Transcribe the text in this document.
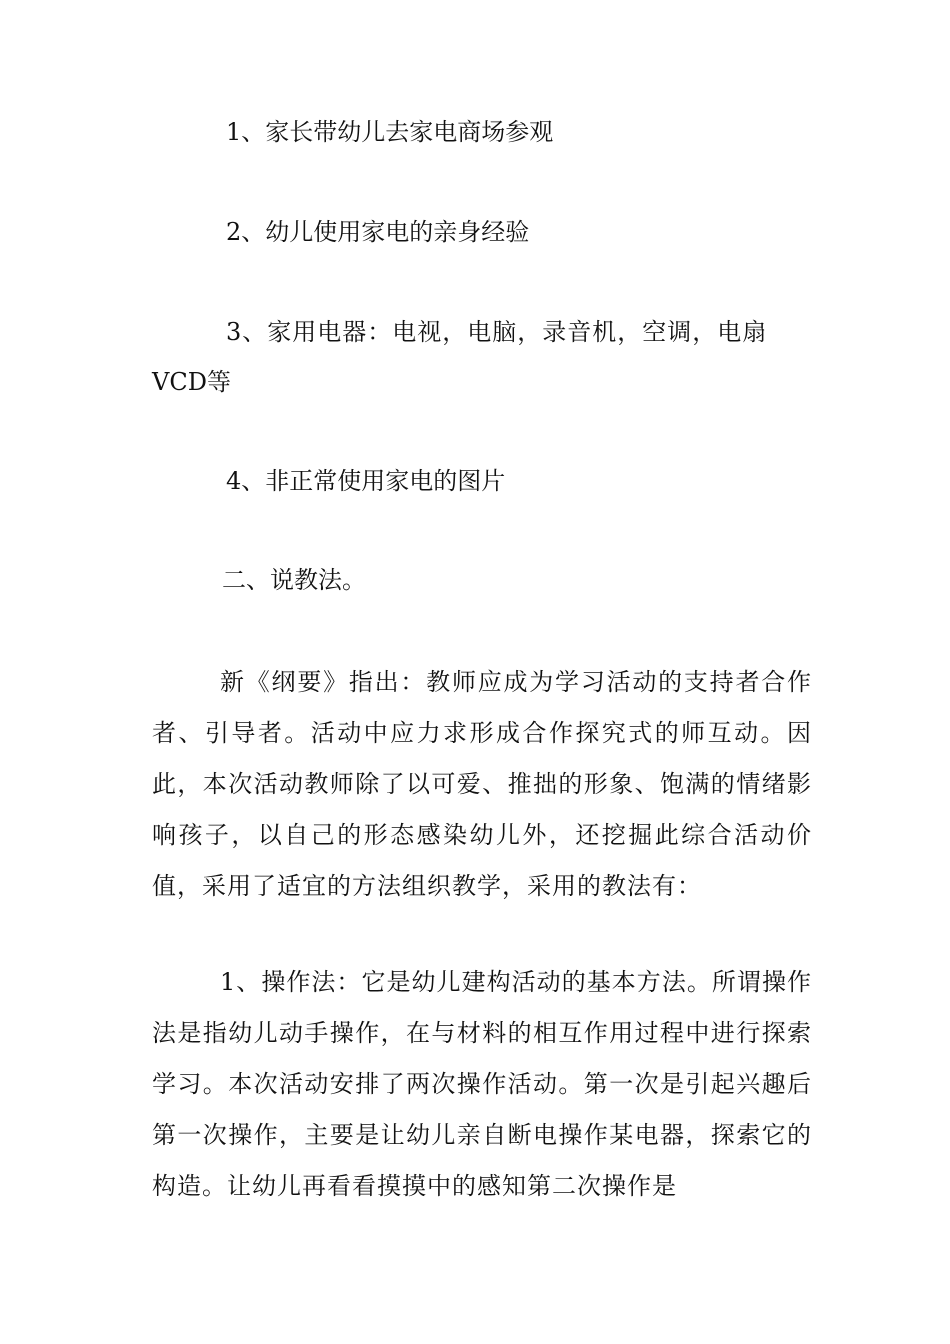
1、家长带幼儿去家电商场参观
2、幼儿使用家电的亲身经验
3、家用电器：电视，电脑，录音机，空调，电扇
VCD等
4、非正常使用家电的图片
二、说教法。
新《纲要》指出：教师应成为学习活动的支持者合作者、引导者。活动中应力求形成合作探究式的师互动。因此，本次活动教师除了以可爱、推拙的形象、饱满的情绪影响孩子，以自己的形态感染幼儿外，还挖掘此综合活动价值，采用了适宜的方法组织教学，采用的教法有：
1、操作法：它是幼儿建构活动的基本方法。所谓操作法是指幼儿动手操作，在与材料的相互作用过程中进行探索学习。本次活动安排了两次操作活动。第一次是引起兴趣后第一次操作，主要是让幼儿亲自断电操作某电器，探索它的构造。让幼儿再看看摸摸中的感知第二次操作是
